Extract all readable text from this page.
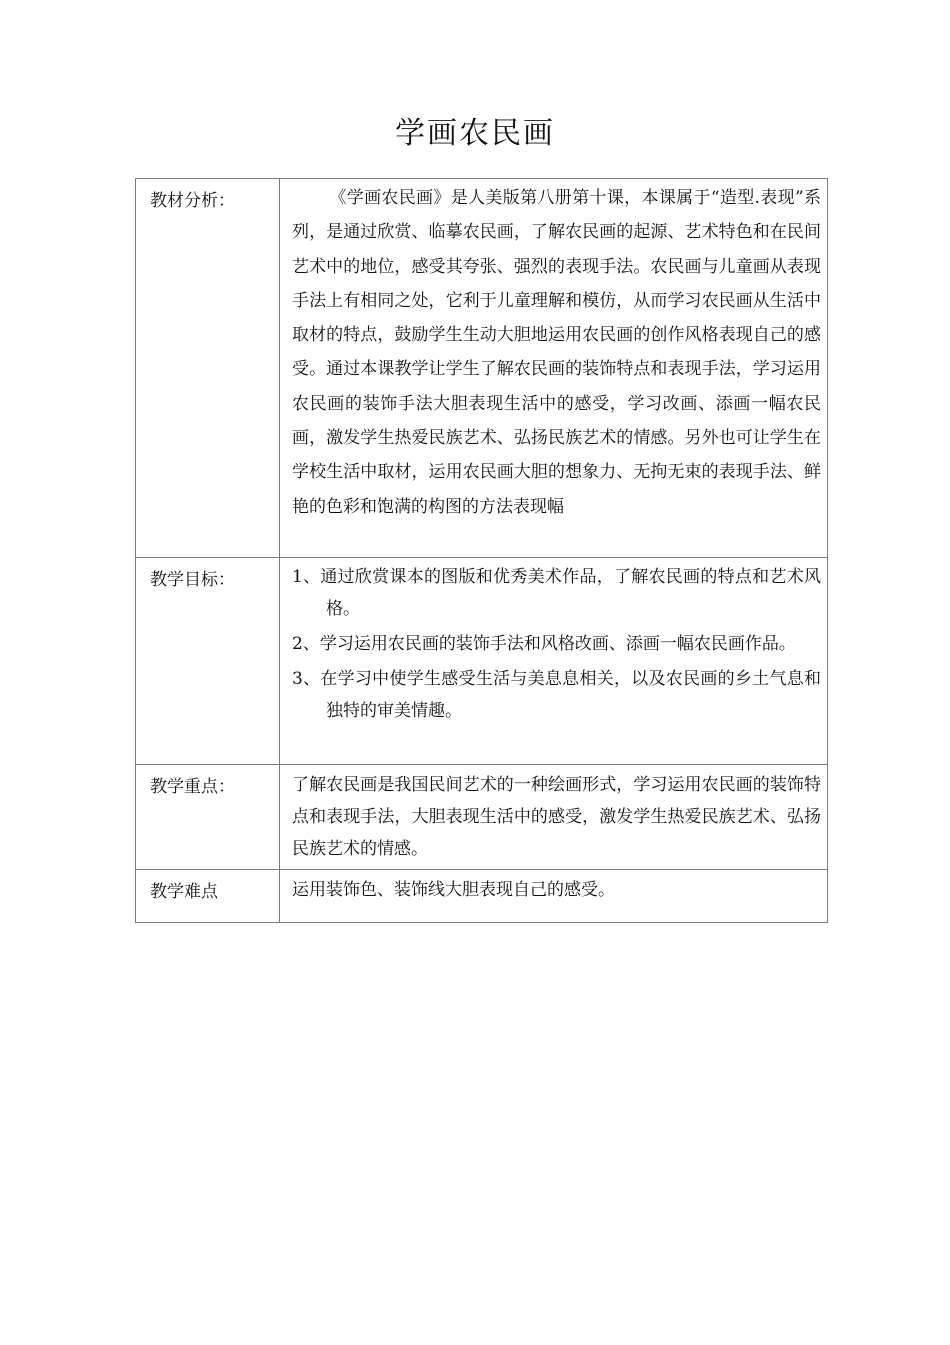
学画农民画
教材分析：	《学画农民画》是人美版第八册第十课，本课属于“造型.表现”系列，是通过欣赏、临摹农民画，了解农民画的起源、艺术特色和在民间艺术中的地位，感受其夸张、强烈的表现手法。农民画与儿童画从表现手法上有相同之处，它利于儿童理解和模仿，从而学习农民画从生活中取材的特点，鼓励学生生动大胆地运用农民画的创作风格表现自己的感受。通过本课教学让学生了解农民画的装饰特点和表现手法，学习运用农民画的装饰手法大胆表现生活中的感受，学习改画、添画一幅农民画，激发学生热爱民族艺术、弘扬民族艺术的情感。另外也可让学生在学校生活中取材，运用农民画大胆的想象力、无拘无束的表现手法、鲜艳的色彩和饱满的构图的方法表现幅

教学目标：	1、通过欣赏课本的图版和优秀美术作品，了解农民画的特点和艺术风格。

2、学习运用农民画的装饰手法和风格改画、添画一幅农民画作品。

3、在学习中使学生感受生活与美息息相关，以及农民画的乡土气息和独特的审美情趣。

教学重点：	了解农民画是我国民间艺术的一种绘画形式，学习运用农民画的装饰特点和表现手法，大胆表现生活中的感受，激发学生热爱民族艺术、弘扬民族艺术的情感。

教学难点	运用装饰色、装饰线大胆表现自己的感受。
